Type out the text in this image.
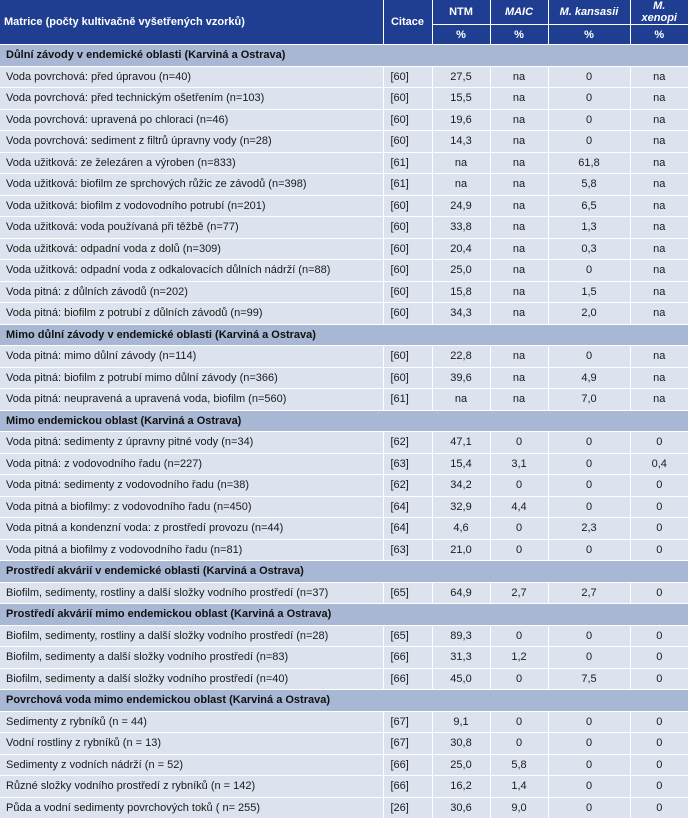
Matrice (počty kultivačně vyšetřených vzorků)	Citace	NTM	MAIC	M. kansasii	M. xenopi
		%	%	%	%
Důlní závody v endemické oblasti (Karviná a Ostrava)					
Voda povrchová: před úpravou (n=40)	[60]	27,5	na	0	na
Voda povrchová: před technickým ošetřením (n=103)	[60]	15,5	na	0	na
Voda povrchová: upravená po chloraci (n=46)	[60]	19,6	na	0	na
Voda povrchová: sediment z filtrů úpravny vody (n=28)	[60]	14,3	na	0	na
Voda užitková: ze železáren a výroben (n=833)	[61]	na	na	61,8	na
Voda užitková: biofilm ze sprchových růžic ze závodů (n=398)	[61]	na	na	5,8	na
Voda užitková: biofilm z vodovodního potrubí (n=201)	[60]	24,9	na	6,5	na
Voda užitková: voda používaná při těžbě (n=77)	[60]	33,8	na	1,3	na
Voda užitková: odpadní voda z dolů (n=309)	[60]	20,4	na	0,3	na
Voda užitková: odpadní voda z odkalovacích důlních nádrží (n=88)	[60]	25,0	na	0	na
Voda pitná: z důlních závodů (n=202)	[60]	15,8	na	1,5	na
Voda pitná: biofilm z potrubí z důlních závodů (n=99)	[60]	34,3	na	2,0	na
Mimo důlní závody v endemické oblasti (Karviná a Ostrava)					
Voda pitná: mimo důlní závody (n=114)	[60]	22,8	na	0	na
Voda pitná: biofilm z potrubí mimo důlní závody (n=366)	[60]	39,6	na	4,9	na
Voda pitná: neupravená a upravená voda, biofilm (n=560)	[61]	na	na	7,0	na
Mimo endemickou oblast (Karviná a Ostrava)					
Voda pitná: sedimenty z úpravny pitné vody (n=34)	[62]	47,1	0	0	0
Voda pitná: z vodovodního řadu (n=227)	[63]	15,4	3,1	0	0,4
Voda pitná: sedimenty z vodovodního řadu (n=38)	[62]	34,2	0	0	0
Voda pitná a biofilmy: z vodovodního řadu (n=450)	[64]	32,9	4,4	0	0
Voda pitná a kondenzní voda: z prostředí provozu (n=44)	[64]	4,6	0	2,3	0
Voda pitná a biofilmy z vodovodního řadu (n=81)	[63]	21,0	0	0	0
Prostředí akvárií v endemické oblasti (Karviná a Ostrava)					
Biofilm, sedimenty, rostliny a další složky vodního prostředí (n=37)	[65]	64,9	2,7	2,7	0
Prostředí akvárií mimo endemickou oblast (Karviná a Ostrava)					
Biofilm, sedimenty, rostliny a další složky vodního prostředí (n=28)	[65]	89,3	0	0	0
Biofilm, sedimenty a další složky vodního prostředí (n=83)	[66]	31,3	1,2	0	0
Biofilm, sedimenty a další složky vodního prostředí (n=40)	[66]	45,0	0	7,5	0
Povrchová voda mimo endemickou oblast (Karviná a Ostrava)					
Sedimenty z rybníků (n = 44)	[67]	9,1	0	0	0
Vodní rostliny z rybníků (n = 13)	[67]	30,8	0	0	0
Sedimenty z vodních nádrží (n = 52)	[66]	25,0	5,8	0	0
Různé složky vodního prostředí z rybníků (n = 142)	[66]	16,2	1,4	0	0
Půda a vodní sedimenty povrchových toků ( n= 255)	[26]	30,6	9,0	0	0
